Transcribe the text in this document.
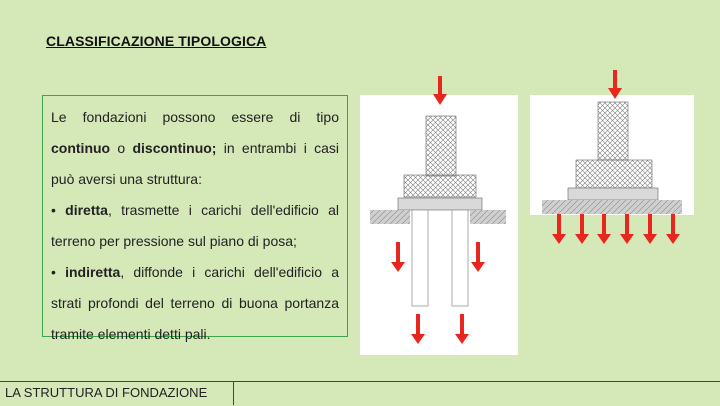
CLASSIFICAZIONE TIPOLOGICA

Le fondazioni possono essere di tipo continuo o discontinuo; in entrambi i casi può aversi una struttura:

• diretta, trasmette i carichi dell'edificio al terreno per pressione sul piano di posa;

• indiretta, diffonde i carichi dell'edificio a strati profondi del terreno di buona portanza tramite elementi detti pali.

LA STRUTTURA DI FONDAZIONE
